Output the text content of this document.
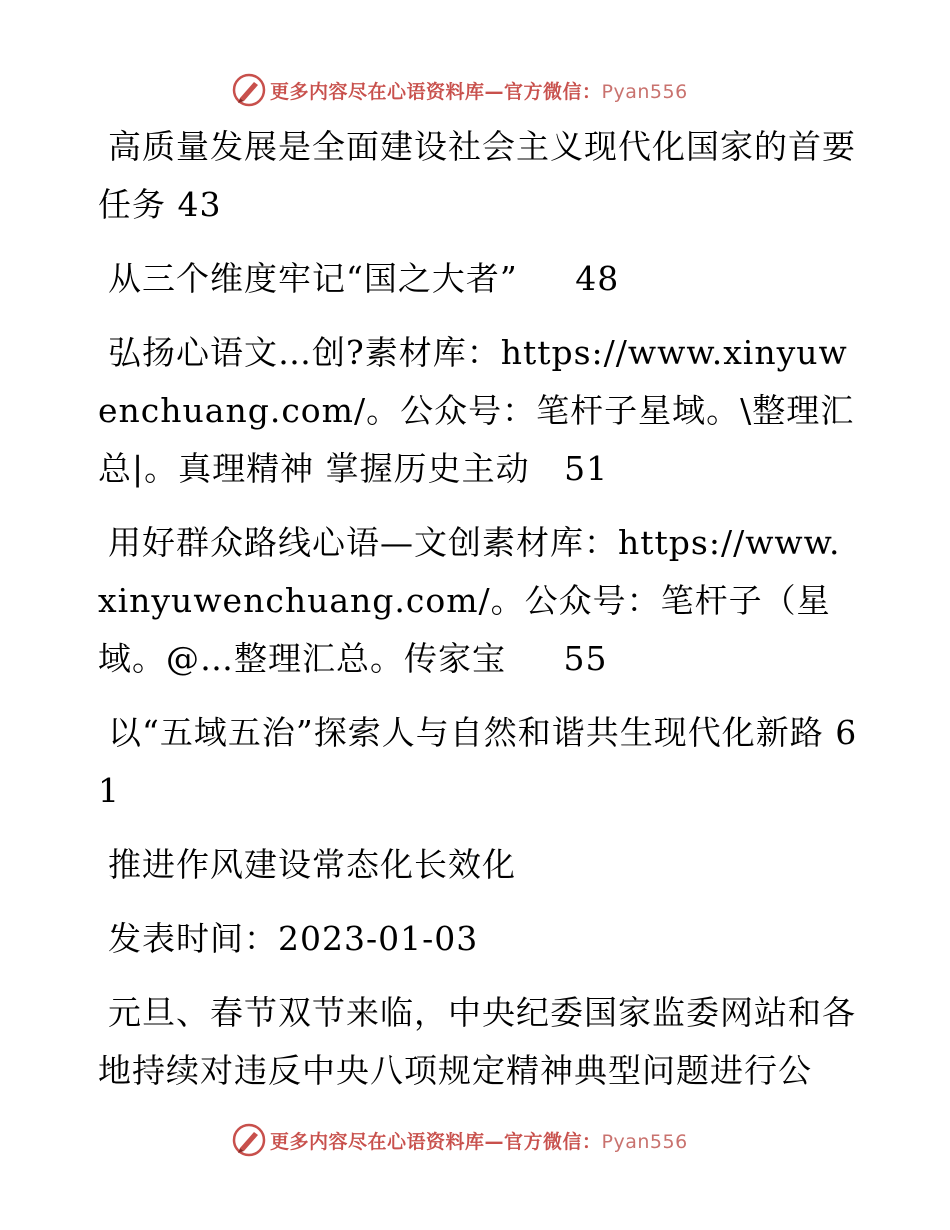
更多内容尽在心语资料库—官方微信：Pyan556

高质量发展是全面建设社会主义现代化国家的首要任务 43

从三个维度牢记“国之大者” 48

弘扬心语文…创?素材库：https://www.xinyuwenchuang.com/。公众号：笔杆子星域。\整理汇总|。真理精神 掌握历史主动 51

用好群众路线心语—文创素材库：https://www.xinyuwenchuang.com/。公众号：笔杆子（星域。@…整理汇总。传家宝 55

以“五域五治”探索人与自然和谐共生现代化新路 61

推进作风建设常态化长效化

发表时间：2023-01-03

元旦、春节双节来临，中央纪委国家监委网站和各地持续对违反中央八项规定精神典型问题进行公

更多内容尽在心语资料库—官方微信：Pyan556
